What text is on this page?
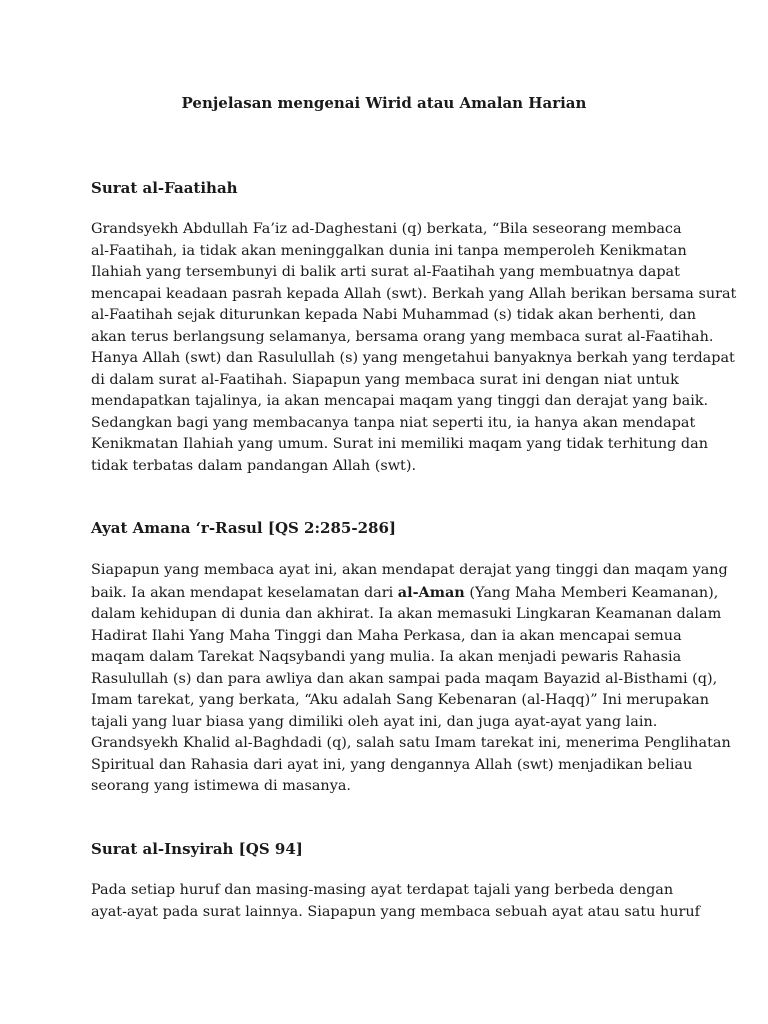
Penjelasan mengenai Wirid atau Amalan Harian
Surat al-Faatihah
Grandsyekh Abdullah Fa’iz ad-Daghestani (q) berkata, “Bila seseorang membaca
al-Faatihah, ia tidak akan meninggalkan dunia ini tanpa memperoleh Kenikmatan
Ilahiah yang tersembunyi di balik arti surat al-Faatihah yang membuatnya dapat
mencapai keadaan pasrah kepada Allah (swt). Berkah yang Allah berikan bersama surat
al-Faatihah sejak diturunkan kepada Nabi Muhammad (s) tidak akan berhenti, dan
akan terus berlangsung selamanya, bersama orang yang membaca surat al-Faatihah.
Hanya Allah (swt) dan Rasulullah (s) yang mengetahui banyaknya berkah yang terdapat
di dalam surat al-Faatihah. Siapapun yang membaca surat ini dengan niat untuk
mendapatkan tajalinya, ia akan mencapai maqam yang tinggi dan derajat yang baik.
Sedangkan bagi yang membacanya tanpa niat seperti itu, ia hanya akan mendapat
Kenikmatan Ilahiah yang umum. Surat ini memiliki maqam yang tidak terhitung dan
tidak terbatas dalam pandangan Allah (swt).
Ayat Amana ‘r-Rasul [QS 2:285-286]
Siapapun yang membaca ayat ini, akan mendapat derajat yang tinggi dan maqam yang
baik. Ia akan mendapat keselamatan dari al-Aman (Yang Maha Memberi Keamanan),
dalam kehidupan di dunia dan akhirat. Ia akan memasuki Lingkaran Keamanan dalam
Hadirat Ilahi Yang Maha Tinggi dan Maha Perkasa, dan ia akan mencapai semua
maqam dalam Tarekat Naqsybandi yang mulia. Ia akan menjadi pewaris Rahasia
Rasulullah (s) dan para awliya dan akan sampai pada maqam Bayazid al-Bisthami (q),
Imam tarekat, yang berkata, “Aku adalah Sang Kebenaran (al-Haqq)” Ini merupakan
tajali yang luar biasa yang dimiliki oleh ayat ini, dan juga ayat-ayat yang lain.
Grandsyekh Khalid al-Baghdadi (q), salah satu Imam tarekat ini, menerima Penglihatan
Spiritual dan Rahasia dari ayat ini, yang dengannya Allah (swt) menjadikan beliau
seorang yang istimewa di masanya.
Surat al-Insyirah [QS 94]
Pada setiap huruf dan masing-masing ayat terdapat tajali yang berbeda dengan
ayat-ayat pada surat lainnya. Siapapun yang membaca sebuah ayat atau satu huruf
